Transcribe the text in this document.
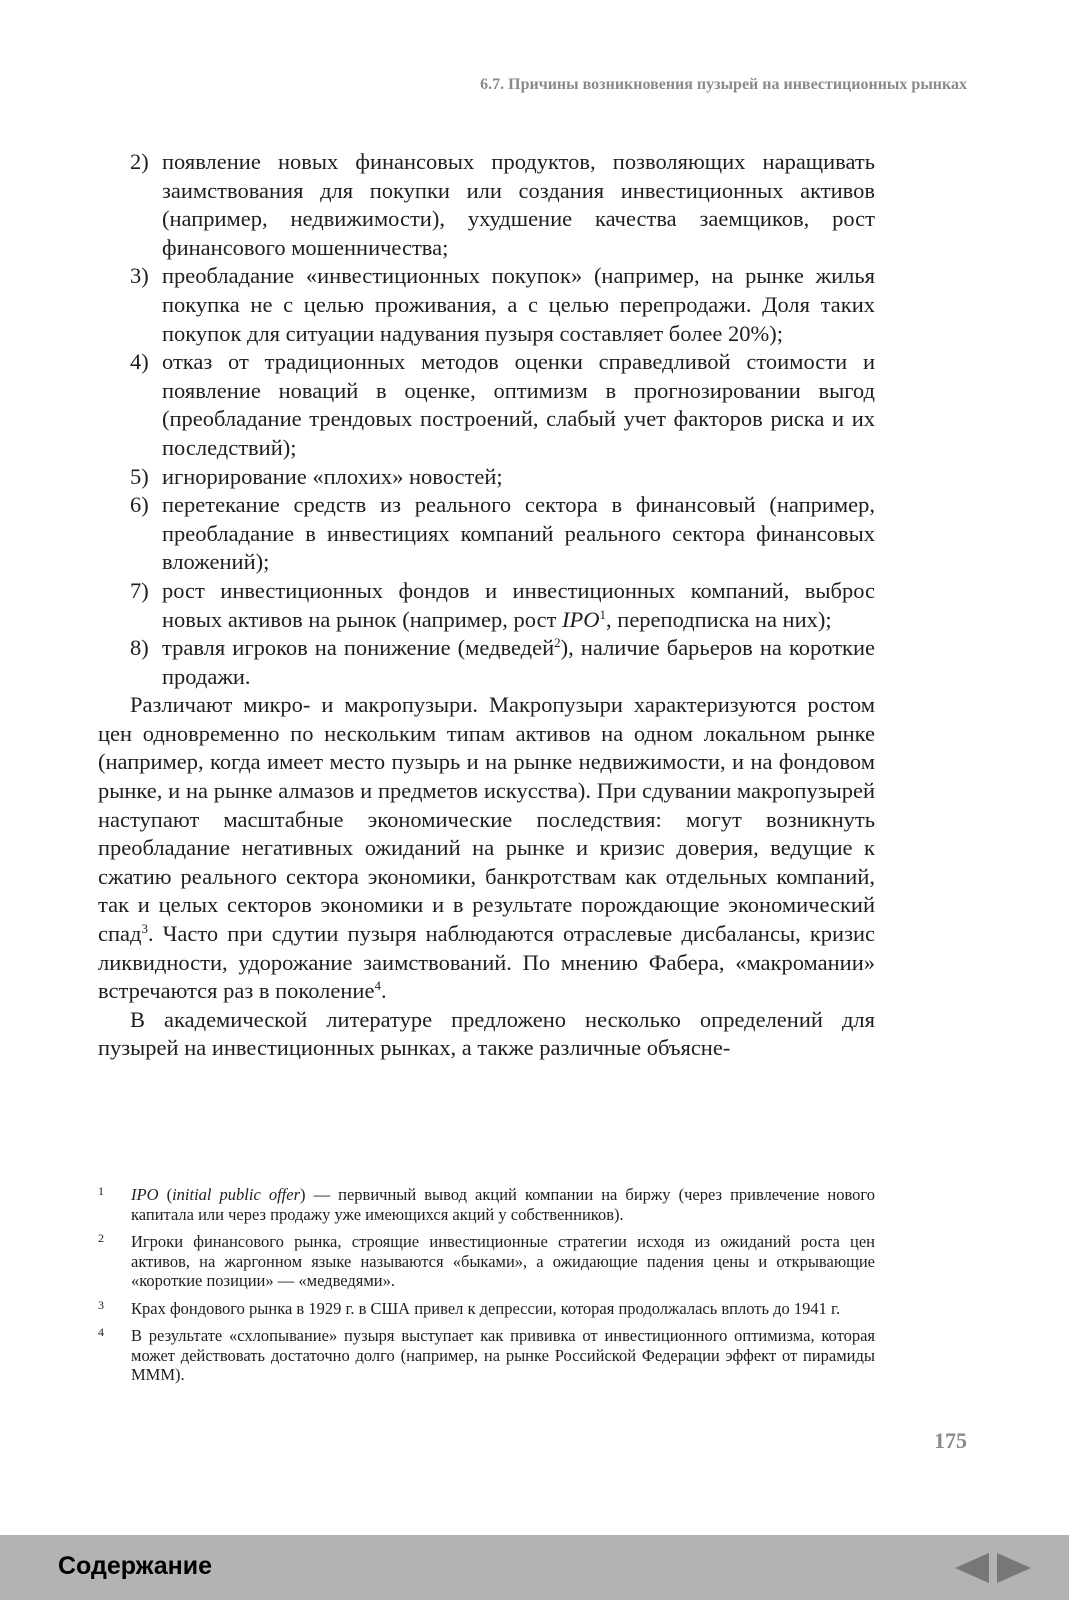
6.7. Причины возникновения пузырей на инвестиционных рынках
2) появление новых финансовых продуктов, позволяющих наращивать заимствования для покупки или создания инвестиционных активов (например, недвижимости), ухудшение качества заемщиков, рост финансового мошенничества;
3) преобладание «инвестиционных покупок» (например, на рынке жилья покупка не с целью проживания, а с целью перепродажи. Доля таких покупок для ситуации надувания пузыря составляет более 20%);
4) отказ от традиционных методов оценки справедливой стоимости и появление новаций в оценке, оптимизм в прогнозировании выгод (преобладание трендовых построений, слабый учет факторов риска и их последствий);
5) игнорирование «плохих» новостей;
6) перетекание средств из реального сектора в финансовый (например, преобладание в инвестициях компаний реального сектора финансовых вложений);
7) рост инвестиционных фондов и инвестиционных компаний, выброс новых активов на рынок (например, рост IPO$^1$, переподписка на них);
8) травля игроков на понижение (медведей$^2$), наличие барьеров на короткие продажи.

Различают микро- и макропузыри. Макропузыри характеризуются ростом цен одновременно по нескольким типам активов на одном локальном рынке (например, когда имеет место пузырь и на рынке недвижимости, и на фондовом рынке, и на рынке алмазов и предметов искусства). При сдувании макропузырей наступают масштабные экономические последствия: могут возникнуть преобладание негативных ожиданий на рынке и кризис доверия, ведущие к сжатию реального сектора экономики, банкротствам как отдельных компаний, так и целых секторов экономики и в результате порождающие экономический спад$^3$. Часто при сдутии пузыря наблюдаются отраслевые дисбалансы, кризис ликвидности, удорожание заимствований. По мнению Фабера, «макромании» встречаются раз в поколение$^4$.

В академической литературе предложено несколько определений для пузырей на инвестиционных рынках, а также различные объясне-

1 IPO (initial public offer) — первичный вывод акций компании на биржу (через привлечение нового капитала или через продажу уже имеющихся акций у собственников).
2 Игроки финансового рынка, строящие инвестиционные стратегии исходя из ожиданий роста цен активов, на жаргонном языке называются «быками», а ожидающие падения цены и открывающие «короткие позиции» — «медведями».
3 Крах фондового рынка в 1929 г. в США привел к депрессии, которая продолжалась вплоть до 1941 г.
4 В результате «схлопывание» пузыря выступает как прививка от инвестиционного оптимизма, которая может действовать достаточно долго (например, на рынке Российской Федерации эффект от пирамиды МММ).
175
Содержание
